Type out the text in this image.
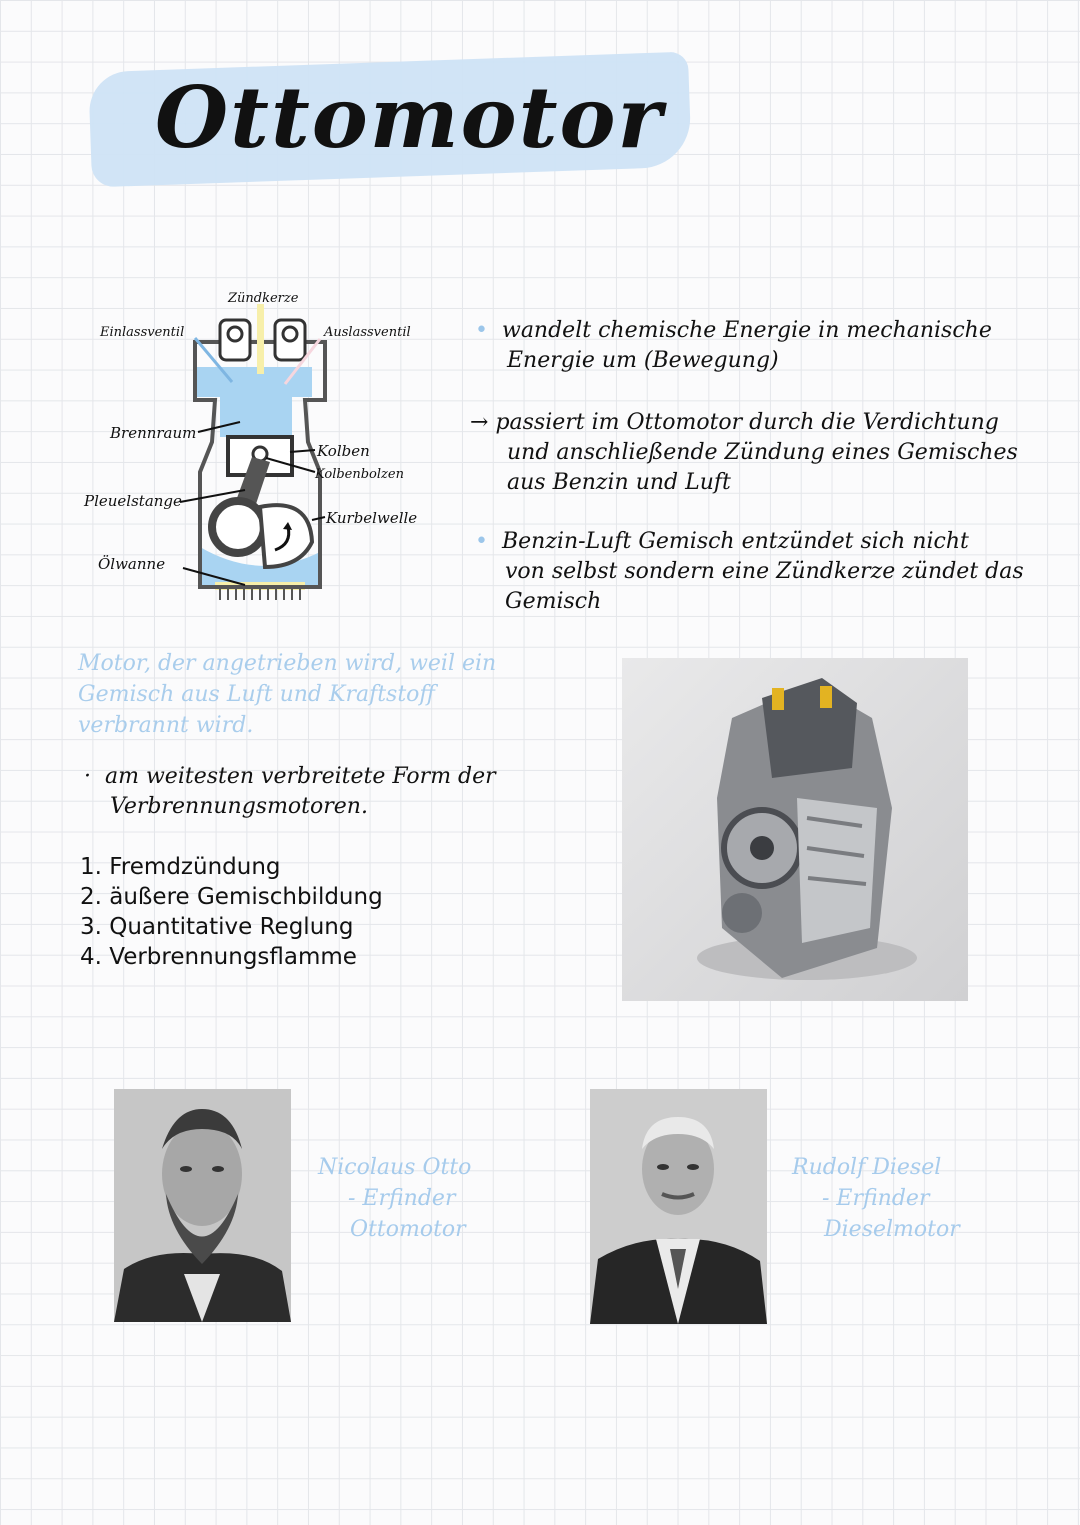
Ottomotor
Zündkerze
Einlassventil	Auslassventil
Brennraum
Kolben
Kolbenbolzen
Pleuelstange
Kurbelwelle
Ölwanne
• wandelt chemische Energie in mechanische
Energie um (Bewegung)
→ passiert im Ottomotor durch die Verdichtung
und anschließende Zündung eines Gemisches
aus Benzin und Luft
• Benzin-Luft Gemisch entzündet sich nicht
von selbst sondern eine Zündkerze zündet das
Gemisch
Motor, der angetrieben wird, weil ein
Gemisch aus Luft und Kraftstoff
verbrannt wird.
· am weitesten verbreitete Form der
Verbrennungsmotoren.
1. Fremdzündung
2. äußere Gemischbildung
3. Quantitative Reglung
4. Verbrennungsflamme
Nicolaus Otto
- Erfinder
Ottomotor
Rudolf Diesel
- Erfinder
Dieselmotor
